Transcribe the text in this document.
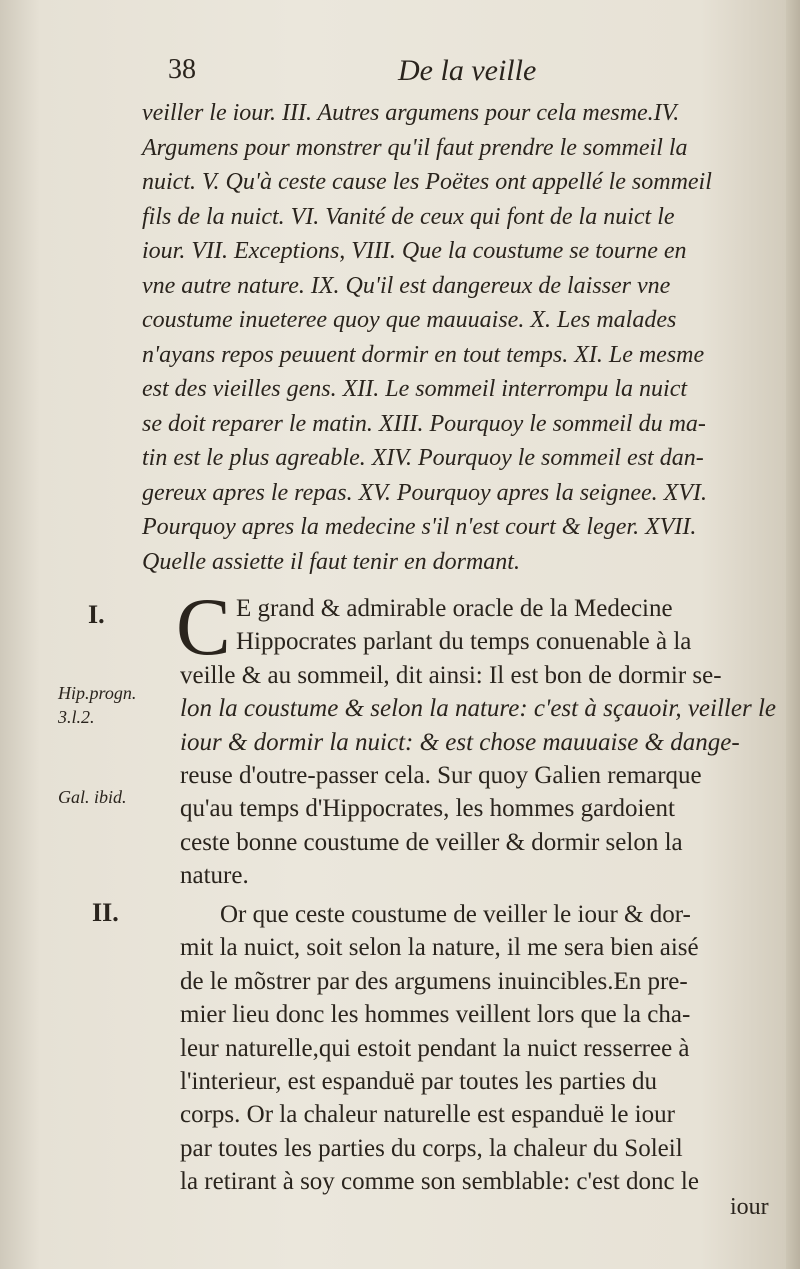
38	De la veille
veiller le iour. III. Autres argumens pour cela mesme.IV.
Argumens pour monstrer qu'il faut prendre le sommeil la
nuict. V. Qu'à ceste cause les Poëtes ont appellé le sommeil
fils de la nuict. VI. Vanité de ceux qui font de la nuict le
iour. VII. Exceptions, VIII. Que la coustume se tourne en
vne autre nature. IX. Qu'il est dangereux de laisser vne
coustume inueteree quoy que mauuaise. X. Les malades
n'ayans repos peuuent dormir en tout temps. XI. Le mesme
est des vieilles gens. XII. Le sommeil interrompu la nuict
se doit reparer le matin. XIII. Pourquoy le sommeil du ma-
tin est le plus agreable. XIV. Pourquoy le sommeil est dan-
gereux apres le repas. XV. Pourquoy apres la seignee. XVI.
Pourquoy apres la medecine s'il n'est court & leger. XVII.
Quelle assiette il faut tenir en dormant.
I.
Hip.progn.
3.l.2.
Gal. ibid.
II.
C E grand & admirable oracle de la Medecine
Hippocrates parlant du temps conuenable à la
veille & au sommeil, dit ainsi: Il est bon de dormir se-
lon la coustume & selon la nature: c'est à sçauoir, veiller le
iour & dormir la nuict: & est chose mauuaise & dange-
reuse d'outre-passer cela. Sur quoy Galien remarque
qu'au temps d'Hippocrates, les hommes gardoient
ceste bonne coustume de veiller & dormir selon la
nature.
Or que ceste coustume de veiller le iour & dor-
mit la nuict, soit selon la nature, il me sera bien aisé
de le mõstrer par des argumens inuincibles.En pre-
mier lieu donc les hommes veillent lors que la cha-
leur naturelle,qui estoit pendant la nuict resserree à
l'interieur, est espanduë par toutes les parties du
corps. Or la chaleur naturelle est espanduë le iour
par toutes les parties du corps, la chaleur du Soleil
la retirant à soy comme son semblable: c'est donc le
iour
